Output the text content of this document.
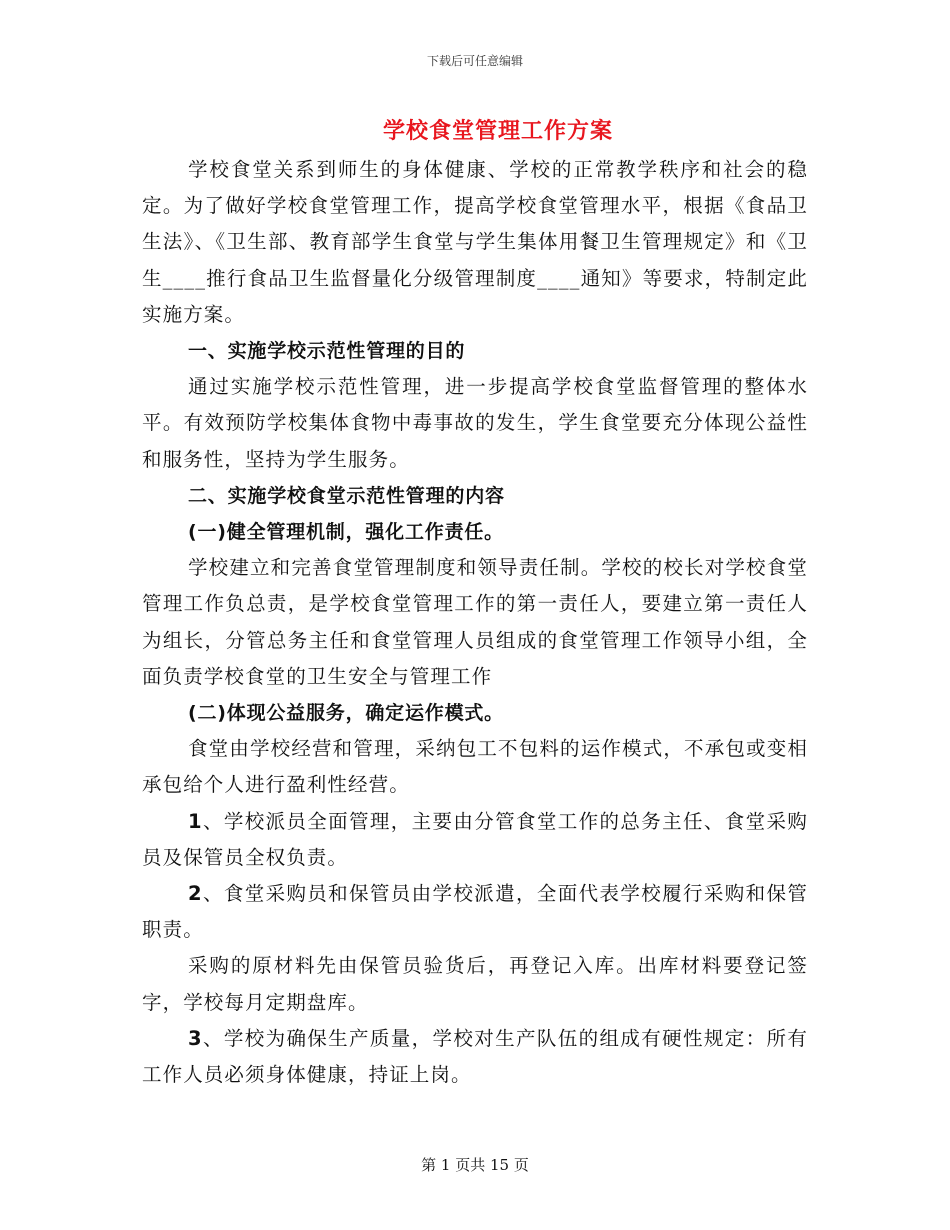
下载后可任意编辑
学校食堂管理工作方案

学校食堂关系到师生的身体健康、学校的正常教学秩序和社会的稳定。为了做好学校食堂管理工作，提高学校食堂管理水平，根据《食品卫生法》、《卫生部、教育部学生食堂与学生集体用餐卫生管理规定》和《卫生____推行食品卫生监督量化分级管理制度____通知》等要求，特制定此实施方案。

一、实施学校示范性管理的目的

通过实施学校示范性管理，进一步提高学校食堂监督管理的整体水平。有效预防学校集体食物中毒事故的发生，学生食堂要充分体现公益性和服务性，坚持为学生服务。

二、实施学校食堂示范性管理的内容

(一)健全管理机制，强化工作责任。

学校建立和完善食堂管理制度和领导责任制。学校的校长对学校食堂管理工作负总责，是学校食堂管理工作的第一责任人，要建立第一责任人为组长，分管总务主任和食堂管理人员组成的食堂管理工作领导小组，全面负责学校食堂的卫生安全与管理工作

(二)体现公益服务，确定运作模式。

食堂由学校经营和管理，采纳包工不包料的运作模式，不承包或变相承包给个人进行盈利性经营。

1、学校派员全面管理，主要由分管食堂工作的总务主任、食堂采购员及保管员全权负责。

2、食堂采购员和保管员由学校派遣，全面代表学校履行采购和保管职责。

采购的原材料先由保管员验货后，再登记入库。出库材料要登记签字，学校每月定期盘库。

3、学校为确保生产质量，学校对生产队伍的组成有硬性规定：所有工作人员必须身体健康，持证上岗。

第 1 页共 15 页
